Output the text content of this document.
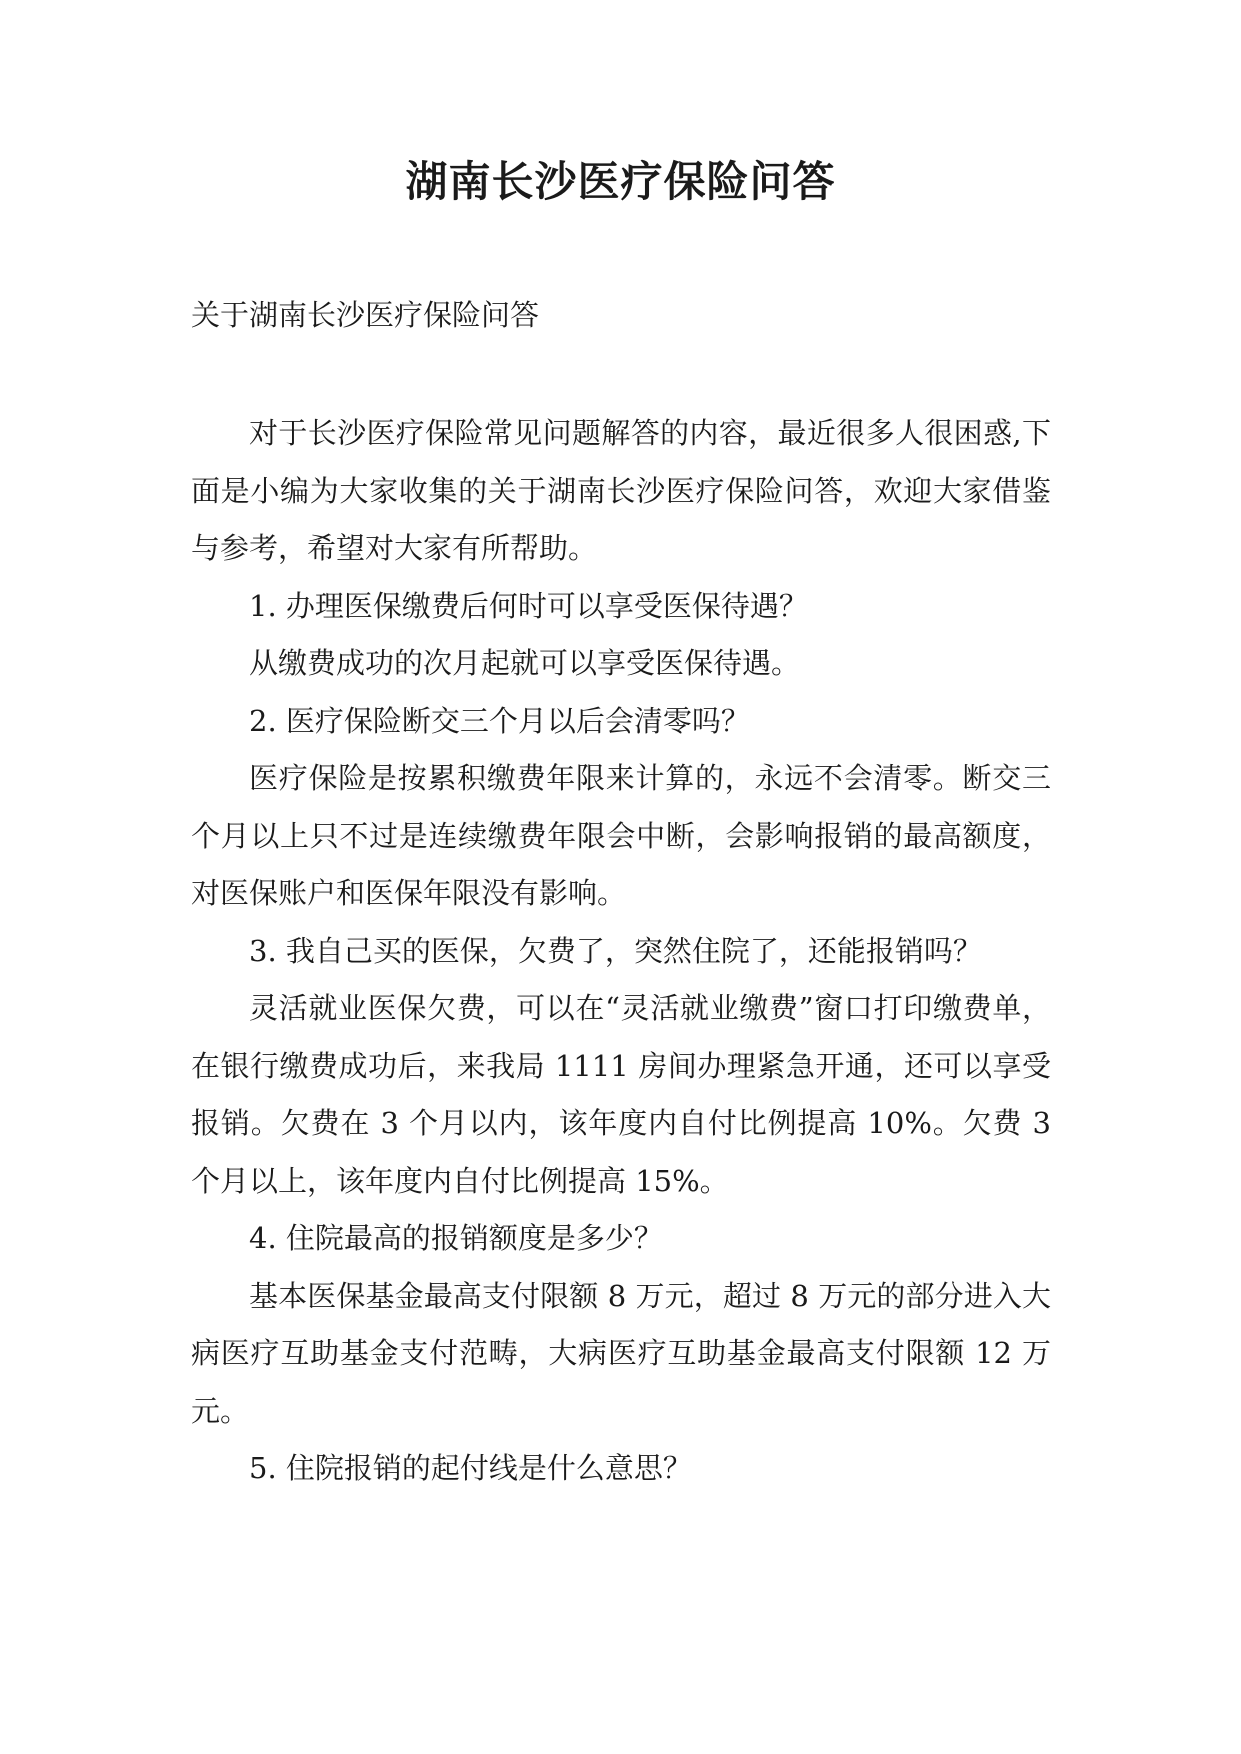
湖南长沙医疗保险问答
关于湖南长沙医疗保险问答

对于长沙医疗保险常见问题解答的内容，最近很多人很困惑,下面是小编为大家收集的关于湖南长沙医疗保险问答，欢迎大家借鉴与参考，希望对大家有所帮助。

1. 办理医保缴费后何时可以享受医保待遇？

从缴费成功的次月起就可以享受医保待遇。

2. 医疗保险断交三个月以后会清零吗？

医疗保险是按累积缴费年限来计算的，永远不会清零。断交三个月以上只不过是连续缴费年限会中断，会影响报销的最高额度，对医保账户和医保年限没有影响。

3. 我自己买的医保，欠费了，突然住院了，还能报销吗？

灵活就业医保欠费，可以在“灵活就业缴费”窗口打印缴费单，在银行缴费成功后，来我局 1111 房间办理紧急开通，还可以享受报销。欠费在 3 个月以内，该年度内自付比例提高 10%。欠费 3 个月以上，该年度内自付比例提高 15%。

4. 住院最高的报销额度是多少？

基本医保基金最高支付限额 8 万元，超过 8 万元的部分进入大病医疗互助基金支付范畴，大病医疗互助基金最高支付限额 12 万元。

5. 住院报销的起付线是什么意思？
